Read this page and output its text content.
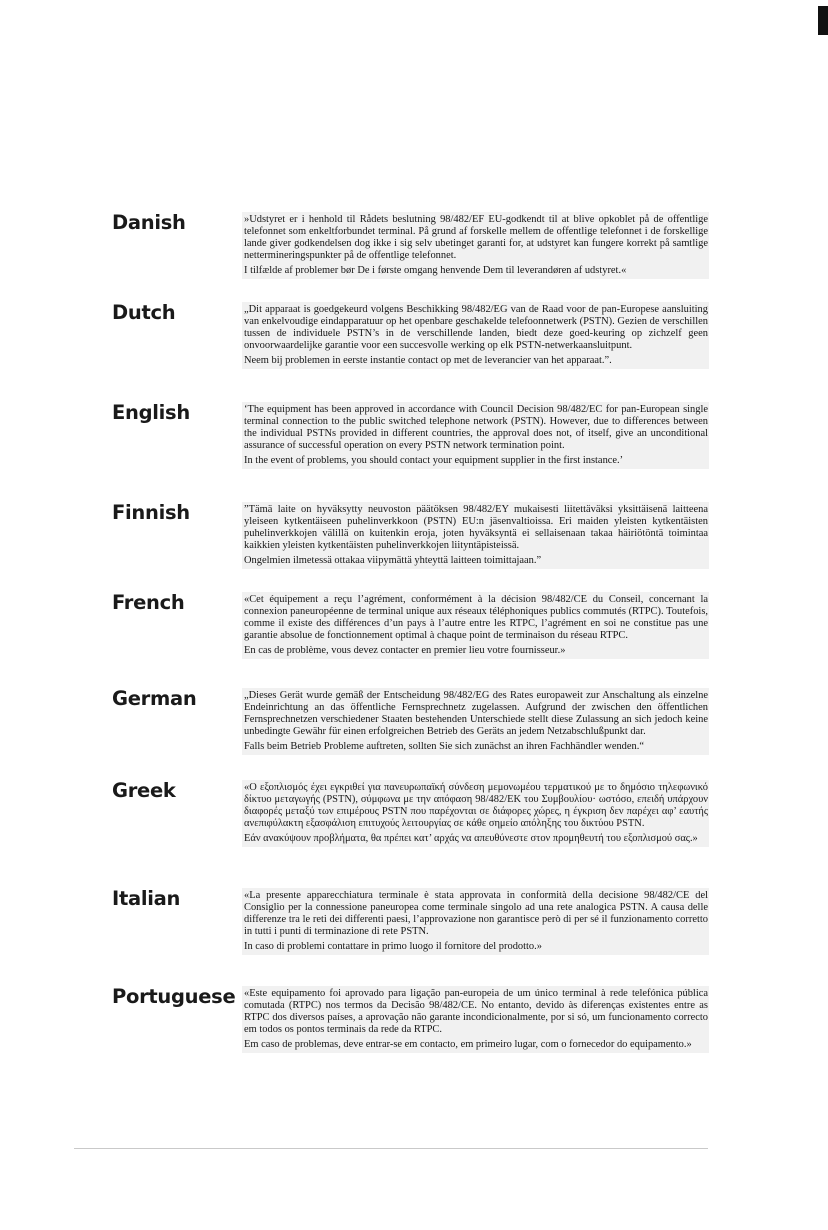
Danish	»Udstyret er i henhold til Rådets beslutning 98/482/EF EU-godkendt til at blive opkoblet på de offentlige telefonnet som enkeltforbundet terminal. På grund af forskelle mellem de offentlige telefonnet i de forskellige lande giver godkendelsen dog ikke i sig selv ubetinget garanti for, at udstyret kan fungere korrekt på samtlige nettermineringspunkter på de offentlige telefonnet.

I tilfælde af problemer bør De i første omgang henvende Dem til leverandøren af udstyret.«

Dutch	„Dit apparaat is goedgekeurd volgens Beschikking 98/482/EG van de Raad voor de pan-Europese aansluiting van enkelvoudige eindapparatuur op het openbare geschakelde telefoonnetwerk (PSTN). Gezien de verschillen tussen de individuele PSTN’s in de verschillende landen, biedt deze goed-keuring op zichzelf geen onvoorwaardelijke garantie voor een succesvolle werking op elk PSTN-netwerkaansluitpunt.

Neem bij problemen in eerste instantie contact op met de leverancier van het apparaat.”.

English	‘The equipment has been approved in accordance with Council Decision 98/482/EC for pan-European single terminal connection to the public switched telephone network (PSTN). However, due to differences between the individual PSTNs provided in different countries, the approval does not, of itself, give an unconditional assurance of successful operation on every PSTN network termination point.

In the event of problems, you should contact your equipment supplier in the first instance.’

Finnish	”Tämä laite on hyväksytty neuvoston päätöksen 98/482/EY mukaisesti liitettäväksi yksittäisenä laitteena yleiseen kytkentäiseen puhelinverkkoon (PSTN) EU:n jäsenvaltioissa. Eri maiden yleisten kytkentäisten puhelinverkkojen välillä on kuitenkin eroja, joten hyväksyntä ei sellaisenaan takaa häiriötöntä toimintaa kaikkien yleisten kytkentäisten puhelinverkkojen liityntäpisteissä.

Ongelmien ilmetessä ottakaa viipymättä yhteyttä laitteen toimittajaan.”

French	«Cet équipement a reçu l’agrément, conformément à la décision 98/482/CE du Conseil, concernant la connexion paneuropéenne de terminal unique aux réseaux téléphoniques publics commutés (RTPC). Toutefois, comme il existe des différences d’un pays à l’autre entre les RTPC, l’agrément en soi ne constitue pas une garantie absolue de fonctionnement optimal à chaque point de terminaison du réseau RTPC.

En cas de problème, vous devez contacter en premier lieu votre fournisseur.»

German	„Dieses Gerät wurde gemäß der Entscheidung 98/482/EG des Rates europaweit zur Anschaltung als einzelne Endeinrichtung an das öffentliche Fernsprechnetz zugelassen. Aufgrund der zwischen den öffentlichen Fernsprechnetzen verschiedener Staaten bestehenden Unterschiede stellt diese Zulassung an sich jedoch keine unbedingte Gewähr für einen erfolgreichen Betrieb des Geräts an jedem Netzabschlußpunkt dar.

Falls beim Betrieb Probleme auftreten, sollten Sie sich zunächst an ihren Fachhändler wenden.“

Greek	«Ο εξοπλισμός έχει εγκριθεί για πανευρωπαϊκή σύνδεση μεμονωμέου τερματικού με το δημόσιο τηλεφωνικό δίκτυο μεταγωγής (PSTN), σύμφωνα με την απόφαση 98/482/ΕΚ του Συμβουλίου· ωστόσο, επειδή υπάρχουν διαφορές μεταξύ των επιμέρους PSTN που παρέχονται σε διάφορες χώρες, η έγκριση δεν παρέχει αφ’ εαυτής ανεπιφύλακτη εξασφάλιση επιτυχούς λειτουργίας σε κάθε σημείο απόληξης του δικτύου PSTN.

Εάν ανακύψουν προβλήματα, θα πρέπει κατ’ αρχάς να απευθύνεστε στον προμηθευτή του εξοπλισμού σας.»

Italian	«La presente apparecchiatura terminale è stata approvata in conformità della decisione 98/482/CE del Consiglio per la connessione paneuropea come terminale singolo ad una rete analogica PSTN. A causa delle differenze tra le reti dei differenti paesi, l’approvazione non garantisce però di per sé il funzionamento corretto in tutti i punti di terminazione di rete PSTN.

In caso di problemi contattare in primo luogo il fornitore del prodotto.»

Portuguese «Este equipamento foi aprovado para ligação pan-europeia de um único terminal à rede telefónica pública comutada (RTPC) nos termos da Decisão 98/482/CE. No entanto, devido às diferenças existentes entre as RTPC dos diversos países, a aprovação não garante incondicionalmente, por si só, um funcionamento correcto em todos os pontos terminais da rede da RTPC.

Em caso de problemas, deve entrar-se em contacto, em primeiro lugar, com o fornecedor do equipamento.»
